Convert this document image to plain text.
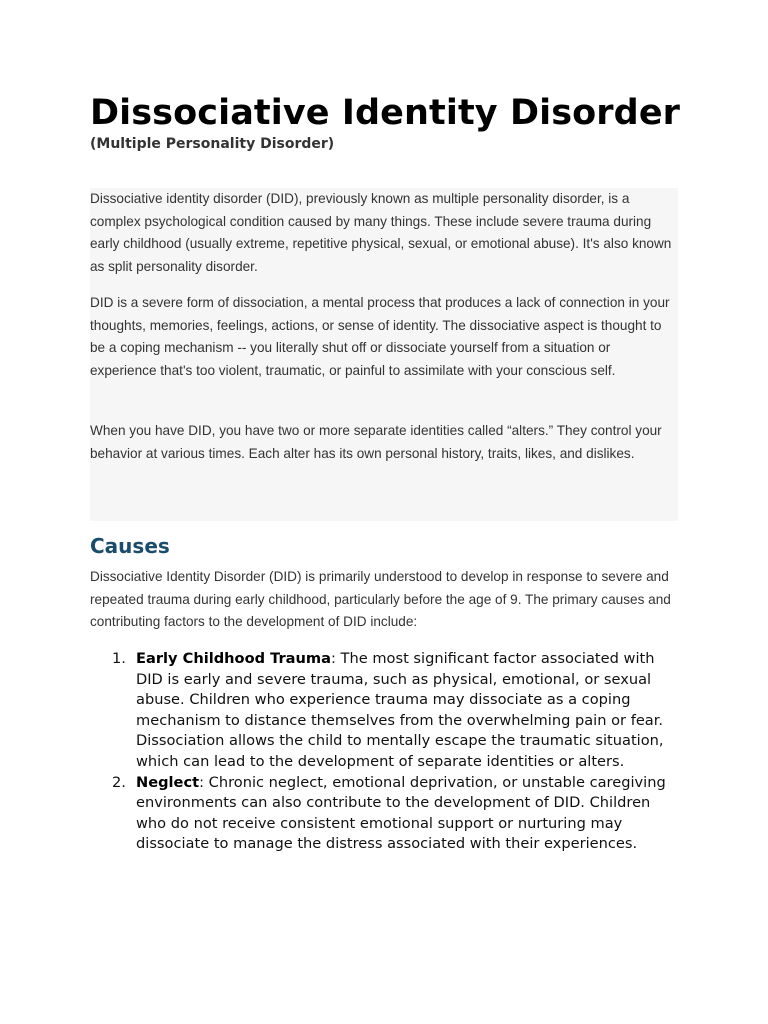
Dissociative Identity Disorder
(Multiple Personality Disorder)

Dissociative identity disorder (DID), previously known as multiple personality disorder, is a complex psychological condition caused by many things. These include severe trauma during early childhood (usually extreme, repetitive physical, sexual, or emotional abuse). It's also known as split personality disorder.

DID is a severe form of dissociation, a mental process that produces a lack of connection in your thoughts, memories, feelings, actions, or sense of identity. The dissociative aspect is thought to be a coping mechanism -- you literally shut off or dissociate yourself from a situation or experience that's too violent, traumatic, or painful to assimilate with your conscious self.

When you have DID, you have two or more separate identities called “alters.” They control your behavior at various times. Each alter has its own personal history, traits, likes, and dislikes.

Causes

Dissociative Identity Disorder (DID) is primarily understood to develop in response to severe and repeated trauma during early childhood, particularly before the age of 9. The primary causes and contributing factors to the development of DID include:

1. Early Childhood Trauma: The most significant factor associated with DID is early and severe trauma, such as physical, emotional, or sexual abuse. Children who experience trauma may dissociate as a coping mechanism to distance themselves from the overwhelming pain or fear. Dissociation allows the child to mentally escape the traumatic situation, which can lead to the development of separate identities or alters.
2. Neglect: Chronic neglect, emotional deprivation, or unstable caregiving environments can also contribute to the development of DID. Children who do not receive consistent emotional support or nurturing may dissociate to manage the distress associated with their experiences.
